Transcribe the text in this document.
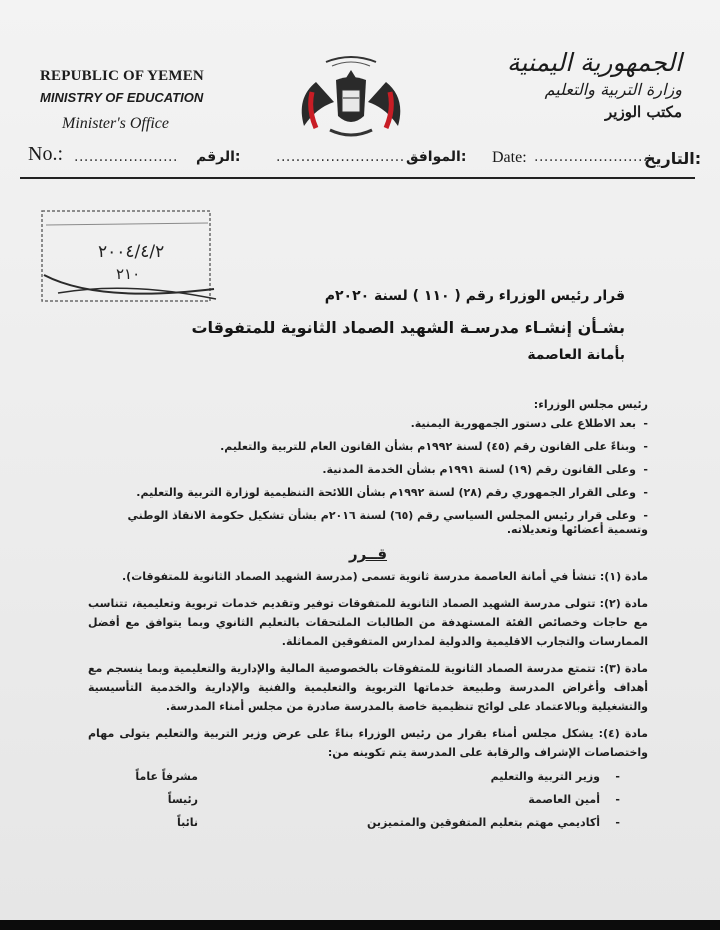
REPUBLIC OF YEMEN
MINISTRY OF EDUCATION
Minister's Office
الجمهورية اليمنية
وزارة التربية والتعليم
مكتب الوزير
No.: ..................... الرقم:	.......................... الموافق: Date: ........................
التاريخ:
٢٠٠٤/٤/٢
٢١٠
قرار رئيس الوزراء رقم ( ١١٠ ) لسنة ٢٠٢٠م
بشـأن إنشـاء مدرسـة الشهيد الصماد الثانوية للمتفوقات
بأمانة العاصمة
رئيس مجلس الوزراء:
-بعد الاطلاع على دستور الجمهورية اليمنية.
-وبناءً على القانون رقم (٤٥) لسنة ١٩٩٢م بشأن القانون العام للتربية والتعليم.
-وعلى القانون رقم (١٩) لسنة ١٩٩١م بشأن الخدمة المدنية.
-وعلى القرار الجمهوري رقم (٢٨) لسنة ١٩٩٢م بشأن اللائحة التنظيمية لوزارة التربية والتعليم.
-وعلى قرار رئيس المجلس السياسي رقم (٦٥) لسنة ٢٠١٦م بشأن تشكيل حكومة الانقاذ الوطني وتسمية أعضائها وتعديلاته.
قــرر
مادة (١): تنشأ في أمانة العاصمة مدرسة ثانوية تسمى (مدرسة الشهيد الصماد الثانوية للمتفوقات).
مادة (٢): تتولى مدرسة الشهيد الصماد الثانوية للمتفوقات توفير وتقديم خدمات تربوية وتعليمية، تتناسب مع حاجات وخصائص الفئة المستهدفة من الطالبات الملتحقات بالتعليم الثانوي وبما يتوافق مع أفضل الممارسات والتجارب الاقليمية والدولية لمدارس المتفوقين المماثلة.
مادة (٣): تتمتع مدرسة الصماد الثانوية للمتفوقات بالخصوصية المالية والإدارية والتعليمية وبما ينسجم مع أهداف وأغراض المدرسة وطبيعة خدماتها التربوية والتعليمية والفنية والإدارية والخدمية التأسيسية والتشغيلية وبالاعتماد على لوائح تنظيمية خاصة بالمدرسة صادرة من مجلس أمناء المدرسة.
مادة (٤): يشكل مجلس أمناء بقرار من رئيس الوزراء بناءً على عرض وزير التربية والتعليم يتولى مهام واختصاصات الإشراف والرقابة على المدرسة يتم تكوينه من:
-
وزير التربية والتعليم
مشرفاً عاماً
-
أمين العاصمة
رئيساً
-
أكاديمي مهتم بتعليم المتفوقين والمتميزين
نائباً
